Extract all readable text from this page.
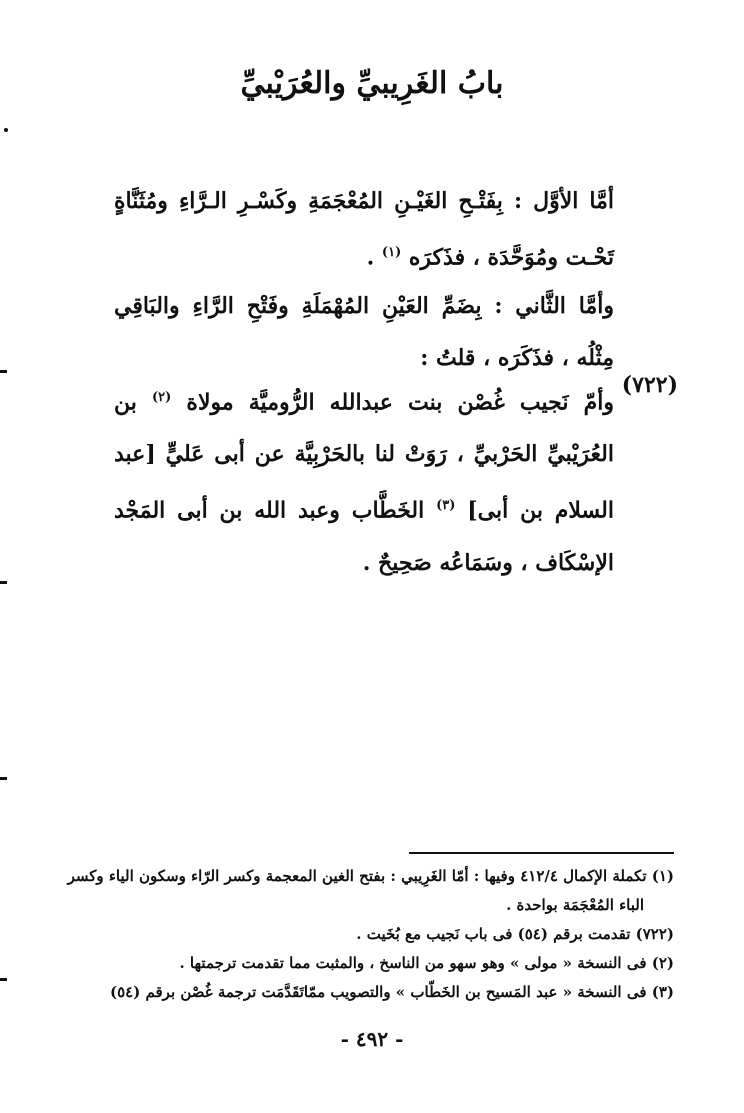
بابُ الغَرِيبيِّ والعُرَيْبيِّ
أمَّا الأوَّل : بِفَتْـحِ الغَيْـنِ المُعْجَمَةِ وكَسْـرِ الـرَّاءِ ومُثَنَّاةٍ تَحْـت ومُوَحَّدَة ، فذَكرَه $^{(١)}$ .
وأمَّا الثَّاني : بِضَمِّ العَيْنِ المُهْمَلَةِ وفَتْحِ الرَّاءِ والبَاقِي مِثْلُه ، فذَكَرَه ، قلتُ :
(٧٢٢)
وأمّ نَجيب غُصْن بنت عبدالله الرُّوميَّة مولاة $^{(٢)}$ بن العُرَيْبيِّ الحَرْبيِّ ، رَوَتْ لنا بالحَرْبِيَّة عن أبى عَليٍّ [عبد السلام بن أبى] $^{(٣)}$ الخَطَّاب وعبد الله بن أبى المَجْد الإسْكَاف ، وسَمَاعُه صَحِيحٌ .
(١) تكملة الإكمال ٤١٢/٤ وفيها : أمّا الغَرِيبي : بفتح الغين المعجمة وكسر الرّاء وسكون الياء وكسر
الباء المُعْجَمَة بواحدة .
(٧٢٢) تقدمت برقم (٥٤) فى باب نَجيب مع بُخَيت .
(٢) فى النسخة « مولى » وهو سهو من الناسخ ، والمثبت مما تقدمت ترجمتها .
(٣) فى النسخة « عبد المَسيح بن الخَطّاب » والتصويب ممّاتَقَدَّمَت ترجمة غُصْن برقم (٥٤)
- ٤٩٢ -
